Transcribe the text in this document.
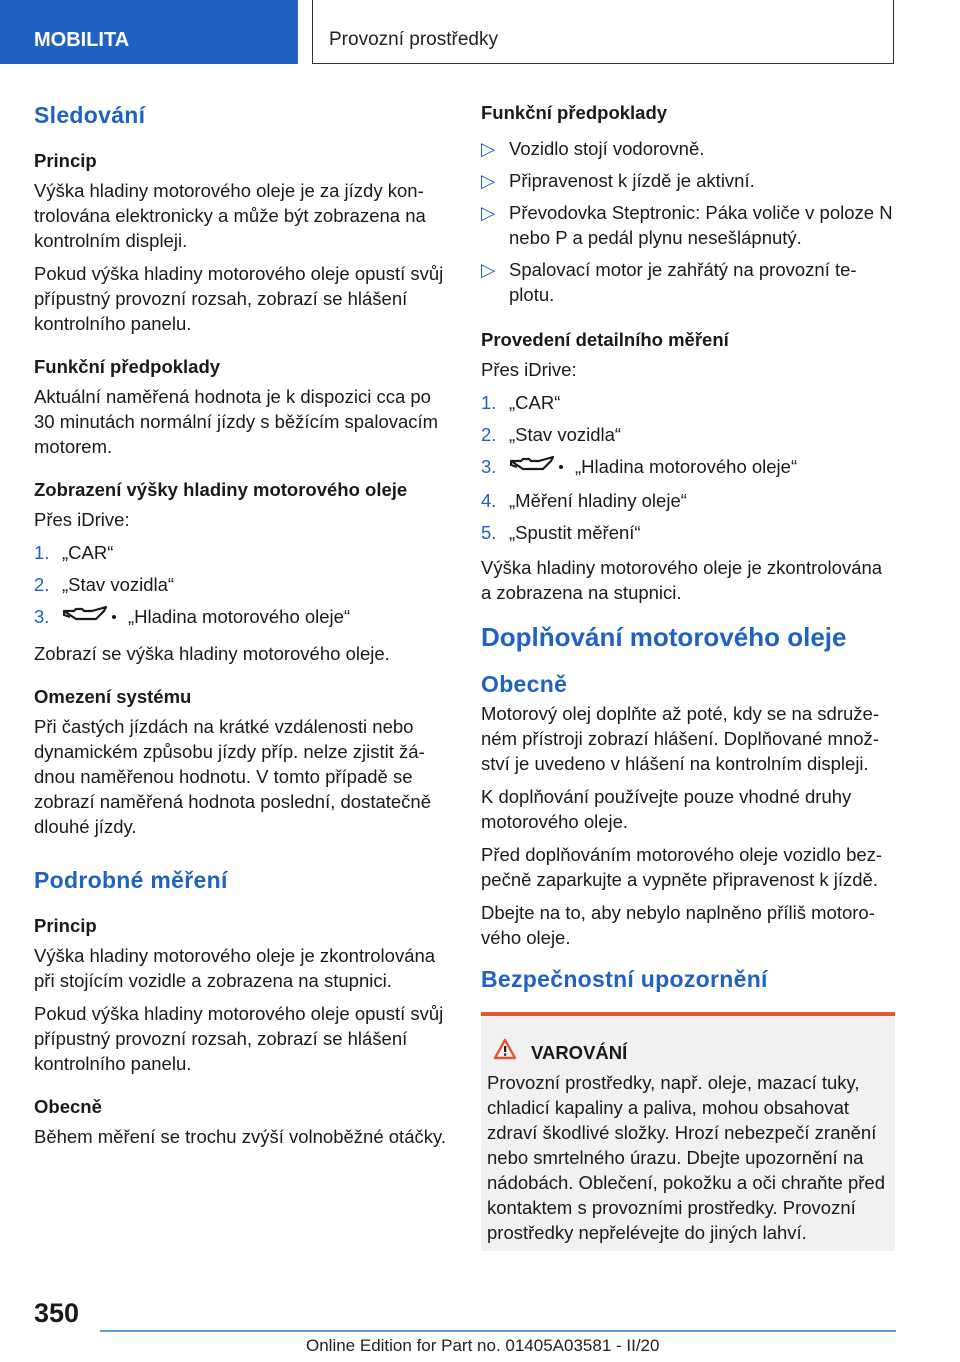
MOBILITA	Provozní prostředky
Sledování
Princip

Výška hladiny motorového oleje je za jízdy kontrolována elektronicky a může být zobrazena na kontrolním displeji.

Pokud výška hladiny motorového oleje opustí svůj přípustný provozní rozsah, zobrazí se hlášení kontrolního panelu.

Funkční předpoklady

Aktuální naměřená hodnota je k dispozici cca po 30 minutách normální jízdy s běžícím spalovacím motorem.

Zobrazení výšky hladiny motorového oleje

Přes iDrive:

1. „CAR“
2. „Stav vozidla“
3.	„Hladina motorového oleje“

Zobrazí se výška hladiny motorového oleje.

Omezení systému

Při častých jízdách na krátké vzdálenosti nebo dynamickém způsobu jízdy příp. nelze zjistit žádnou naměřenou hodnotu. V tomto případě se zobrazí naměřená hodnota poslední, dostatečně dlouhé jízdy.

Podrobné měření
Princip

Výška hladiny motorového oleje je zkontrolována při stojícím vozidle a zobrazena na stupnici.

Pokud výška hladiny motorového oleje opustí svůj přípustný provozní rozsah, zobrazí se hlášení kontrolního panelu.

Obecně

Během měření se trochu zvýší volnoběžné otáčky.

Funkční předpoklady
▷ Vozidlo stojí vodorovně.
▷ Připravenost k jízdě je aktivní.
▷ Převodovka Steptronic: Páka voliče v poloze N nebo P a pedál plynu nesešlápnutý.
▷ Spalovací motor je zahřátý na provozní teplotu.
Provedení detailního měření

Přes iDrive:

1. „CAR“
2. „Stav vozidla“
3.	„Hladina motorového oleje“
4. „Měření hladiny oleje“
5. „Spustit měření“

Výška hladiny motorového oleje je zkontrolována a zobrazena na stupnici.

Doplňování motorového oleje
Obecně

Motorový olej doplňte až poté, kdy se na sdruženém přístroji zobrazí hlášení. Doplňované množství je uvedeno v hlášení na kontrolním displeji.

K doplňování používejte pouze vhodné druhy motorového oleje.

Před doplňováním motorového oleje vozidlo bezpečně zaparkujte a vypněte připravenost k jízdě.

Dbejte na to, aby nebylo naplněno příliš motorového oleje.

Bezpečnostní upozornění
VAROVÁNÍ

Provozní prostředky, např. oleje, mazací tuky, chladicí kapaliny a paliva, mohou obsahovat zdraví škodlivé složky. Hrozí nebezpečí zranění nebo smrtelného úrazu. Dbejte upozornění na nádobách. Oblečení, pokožku a oči chraňte před kontaktem s provozními prostředky. Provozní prostředky nepřelévejte do jiných lahví.

350
Online Edition for Part no. 01405A03581 - II/20
